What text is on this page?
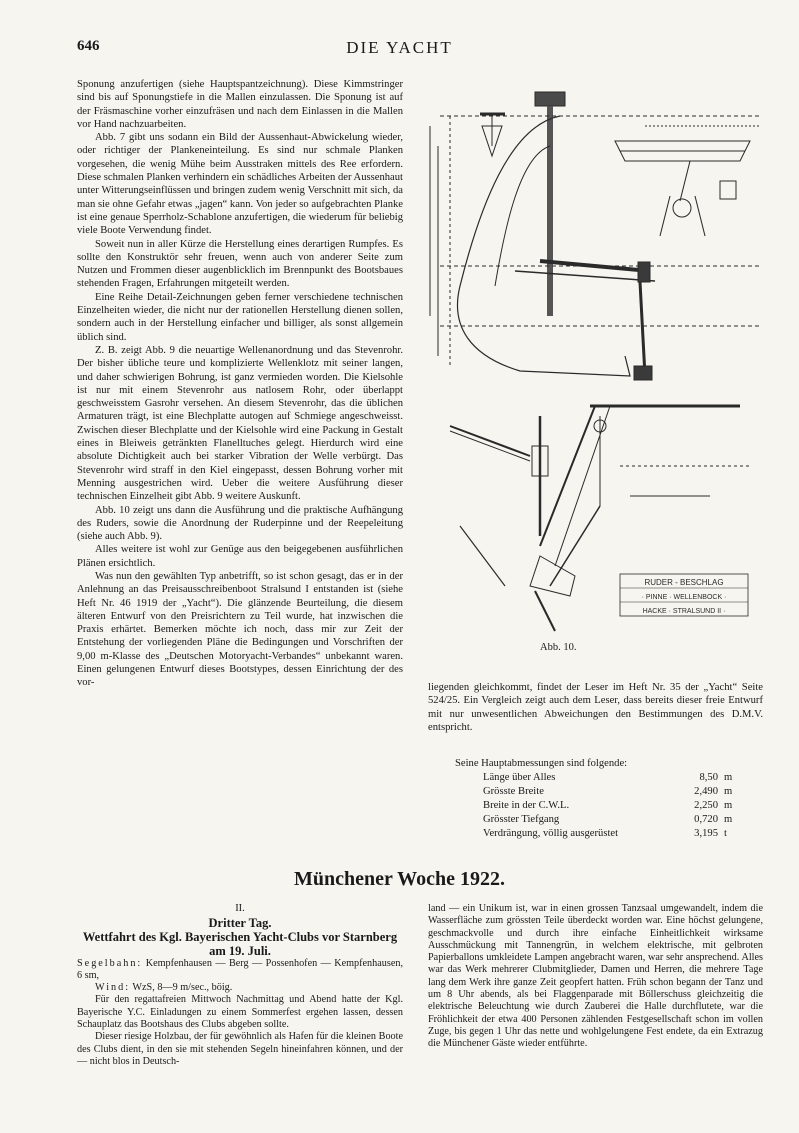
646	DIE YACHT

Sponung anzufertigen (siehe Hauptspantzeichnung). Diese Kimmstringer sind bis auf Sponungstiefe in die Mallen einzulassen. Die Sponung ist auf der Fräsmaschine vorher einzufräsen und nach dem Einlassen in die Mallen vor Hand nachzuarbeiten.

Abb. 7 gibt uns sodann ein Bild der Aussenhaut-Abwickelung wieder, oder richtiger der Plankeneinteilung. Es sind nur schmale Planken vorgesehen, die wenig Mühe beim Ausstraken mittels des Ree erfordern. Diese schmalen Planken verhindern ein schädliches Arbeiten der Aussenhaut unter Witterungseinflüssen und bringen zudem wenig Verschnitt mit sich, da man sie ohne Gefahr etwas „jagen“ kann. Von jeder so aufgebrachten Planke ist eine genaue Sperrholz-Schablone anzufertigen, die wiederum für beliebig viele Boote Verwendung findet.

Soweit nun in aller Kürze die Herstellung eines derartigen Rumpfes. Es sollte den Konstruktör sehr freuen, wenn auch von anderer Seite zum Nutzen und Frommen dieser augenblicklich im Brennpunkt des Bootsbaues stehenden Fragen, Erfahrungen mitgeteilt werden.

Eine Reihe Detail-Zeichnungen geben ferner verschiedene technischen Einzelheiten wieder, die nicht nur der rationellen Herstellung dienen sollen, sondern auch in der Herstellung einfacher und billiger, als sonst allgemein üblich sind.

Z. B. zeigt Abb. 9 die neuartige Wellenanordnung und das Stevenrohr. Der bisher übliche teure und komplizierte Wellenklotz mit seiner langen, und daher schwierigen Bohrung, ist ganz vermieden worden. Die Kielsohle ist nur mit einem Stevenrohr aus natlosem Rohr, oder überlappt geschweisstem Gasrohr versehen. An diesem Stevenrohr, das die üblichen Armaturen trägt, ist eine Blechplatte autogen auf Schmiege angeschweisst. Zwischen dieser Blechplatte und der Kielsohle wird eine Packung in Gestalt eines in Bleiweis getränkten Flanelltuches gelegt. Hierdurch wird eine absolute Dichtigkeit auch bei starker Vibration der Welle verbürgt. Das Stevenrohr wird straff in den Kiel eingepasst, dessen Bohrung vorher mit Menning ausgestrichen wird. Ueber die weitere Ausführung dieser technischen Einzelheit gibt Abb. 9 weitere Auskunft.

Abb. 10 zeigt uns dann die Ausführung und die praktische Aufhängung des Ruders, sowie die Anordnung der Ruderpinne und der Reepeleitung (siehe auch Abb. 9).

Alles weitere ist wohl zur Genüge aus den beigegebenen ausführlichen Plänen ersichtlich.

Was nun den gewählten Typ anbetrifft, so ist schon gesagt, das er in der Anlehnung an das Preisausschreibenboot Stralsund I entstanden ist (siehe Heft Nr. 46 1919 der „Yacht“). Die glänzende Beurteilung, die diesem älteren Entwurf von den Preisrichtern zu Teil wurde, hat inzwischen die Praxis erhärtet. Bemerken möchte ich noch, dass mir zur Zeit der Entstehung der vorliegenden Pläne die Bedingungen und Vorschriften der 9,00 m-Klasse des „Deutschen Motoryacht-Verbandes“ unbekannt waren. Einen gelungenen Entwurf dieses Bootstypes, dessen Einrichtung der des vor-

RUDER - BESCHLAG
· PINNE · WELLENBOCK ·
HACKE · STRALSUND II ·
Abb. 10.

liegenden gleichkommt, findet der Leser im Heft Nr. 35 der „Yacht“ Seite 524/25. Ein Vergleich zeigt auch dem Leser, dass bereits dieser freie Entwurf mit nur unwesentlichen Abweichungen den Bestimmungen des D.M.V. entspricht.

Seine Hauptabmessungen sind folgende:
Länge über Alles	8,50	m
Grösste Breite	2,490	m
Breite in der C.W.L.	2,250	m
Grösster Tiefgang	0,720	m
Verdrängung, völlig ausgerüstet	3,195	t
Münchener Woche 1922.
II.
Dritter Tag.
Wettfahrt des Kgl. Bayerischen Yacht-Clubs vor Starnberg
am 19. Juli.

Segelbahn: Kempfenhausen — Berg — Possenhofen — Kempfenhausen, 6 sm,

Wind: WzS, 8—9 m/sec., böig.

Für den regattafreien Mittwoch Nachmittag und Abend hatte der Kgl. Bayerische Y.C. Einladungen zu einem Sommerfest ergehen lassen, dessen Schauplatz das Bootshaus des Clubs abgeben sollte.

Dieser riesige Holzbau, der für gewöhnlich als Hafen für die kleinen Boote des Clubs dient, in den sie mit stehenden Segeln hineinfahren können, und der — nicht blos in Deutsch-

land — ein Unikum ist, war in einen grossen Tanzsaal umgewandelt, indem die Wasserfläche zum grössten Teile überdeckt worden war. Eine höchst gelungene, geschmackvolle und durch ihre einfache Einheitlichkeit wirksame Ausschmückung mit Tannengrün, in welchem elektrische, mit gelbroten Papierballons umkleidete Lampen angebracht waren, war sehr ansprechend. Alles war das Werk mehrerer Clubmitglieder, Damen und Herren, die mehrere Tage lang dem Werk ihre ganze Zeit geopfert hatten. Früh schon begann der Tanz und um 8 Uhr abends, als bei Flaggenparade mit Böllerschuss gleichzeitig die elektrische Beleuchtung wie durch Zauberei die Halle durchflutete, war die Fröhlichkeit der etwa 400 Personen zählenden Festgesellschaft schon im vollen Zuge, bis gegen 1 Uhr das nette und wohlgelungene Fest endete, da ein Extrazug die Münchener Gäste wieder entführte.
